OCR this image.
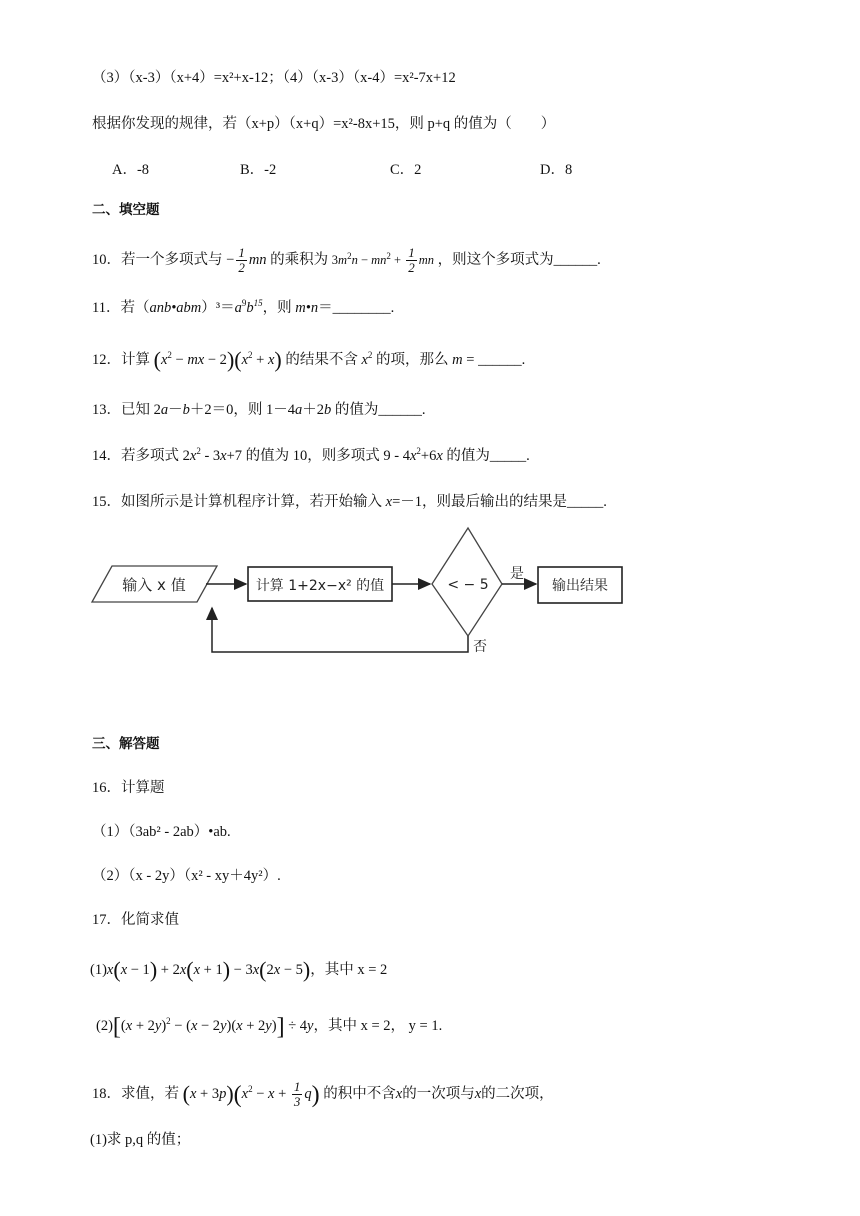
（3）（x-3）（x+4）=x²+x-12；（4）（x-3）（x-4）=x²-7x+12
根据你发现的规律，若（x+p）（x+q）=x²-8x+15，则 p+q 的值为（　　）
A．-8	B．-2	C．2	D．8
二、填空题
10．若一个多项式与 − $\frac{1}{2}$ mn 的乘积为 $3m^2n - mn^2 + \frac{1}{2}$ mn ，则这个多项式为______.
11．若$(anb•abm)^3=a^9b^{15}$，则 m•n＝________.
12．计算 ($x^2$ − mx − $2)(x^2 + x)$ 的结果不含 $x^2$ 的项，那么 m = ______.
13．已知 2a－b＋2＝0，则 1－4a＋2b 的值为______.
14．若多项式 $2x^2 - 3x+7$ 的值为 10，则多项式 $9 - 4x^2+6x$ 的值为_____.
15．如图所示是计算机程序计算，若开始输入 x=－1，则最后输出的结果是_____.
输入 x 值	计算 1+2x−x² 的值	< − 5
是
输出结果
否
三、解答题
16．计算题
（1）（3ab² - 2ab）•ab.
（2）（x - 2y）（x² - xy＋4y²）.
17．化简求值
(1)x(x − 1) + 2x(x + 1) − 3x(2x − 5)，其中 x = 2
$(2)[(x + 2y)^2 - (x - 2y)(x + 2y)] \div 4y$，其中 x = 2， y = 1.
18．求值，若 $(x + 3p)(x^2 - x + \frac{1}{3} q)$ 的积中不含x的一次项与x的二次项，
(1)求 p,q 的值；
